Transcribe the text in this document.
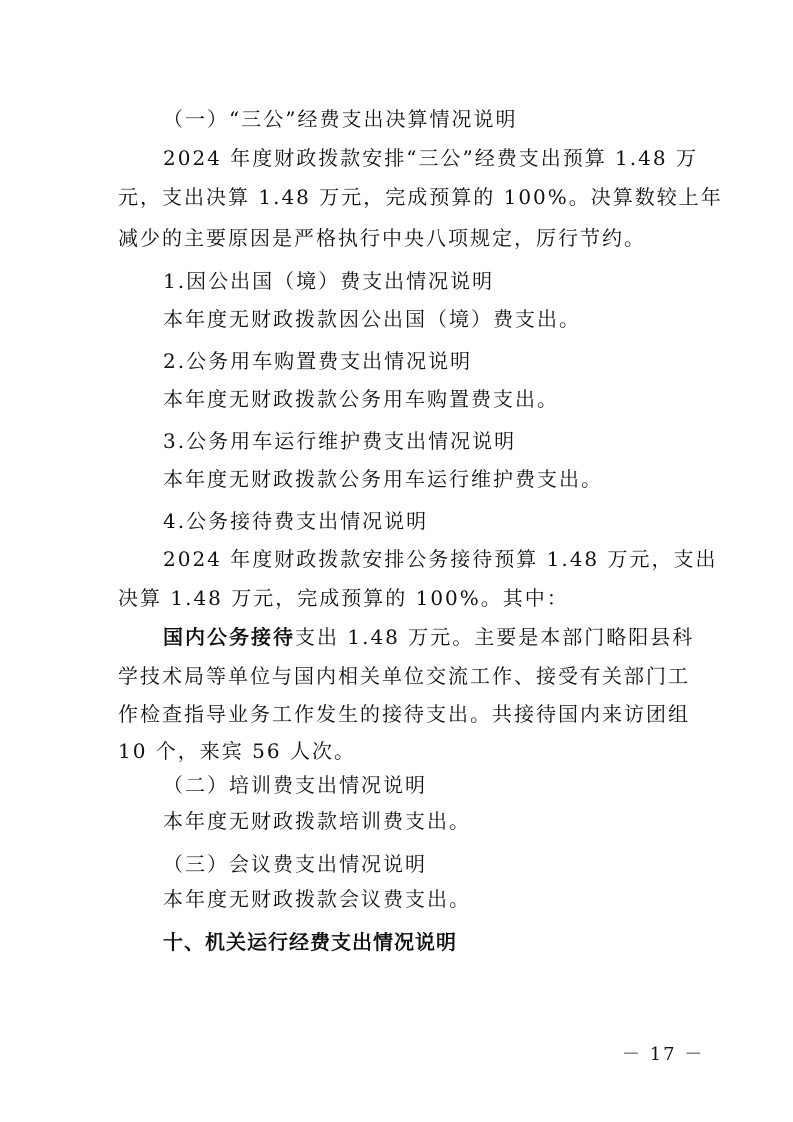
（一）“三公”经费支出决算情况说明
2024 年度财政拨款安排“三公”经费支出预算 1.48 万
元，支出决算 1.48 万元，完成预算的 100%。决算数较上年
减少的主要原因是严格执行中央八项规定，厉行节约。
1.因公出国（境）费支出情况说明
本年度无财政拨款因公出国（境）费支出。
2.公务用车购置费支出情况说明
本年度无财政拨款公务用车购置费支出。
3.公务用车运行维护费支出情况说明
本年度无财政拨款公务用车运行维护费支出。
4.公务接待费支出情况说明
2024 年度财政拨款安排公务接待预算 1.48 万元，支出
决算 1.48 万元，完成预算的 100%。其中：
国内公务接待支出 1.48 万元。主要是本部门略阳县科
学技术局等单位与国内相关单位交流工作、接受有关部门工
作检查指导业务工作发生的接待支出。共接待国内来访团组
10 个，来宾 56 人次。
（二）培训费支出情况说明
本年度无财政拨款培训费支出。
（三）会议费支出情况说明
本年度无财政拨款会议费支出。
十、机关运行经费支出情况说明
－ 17 －
